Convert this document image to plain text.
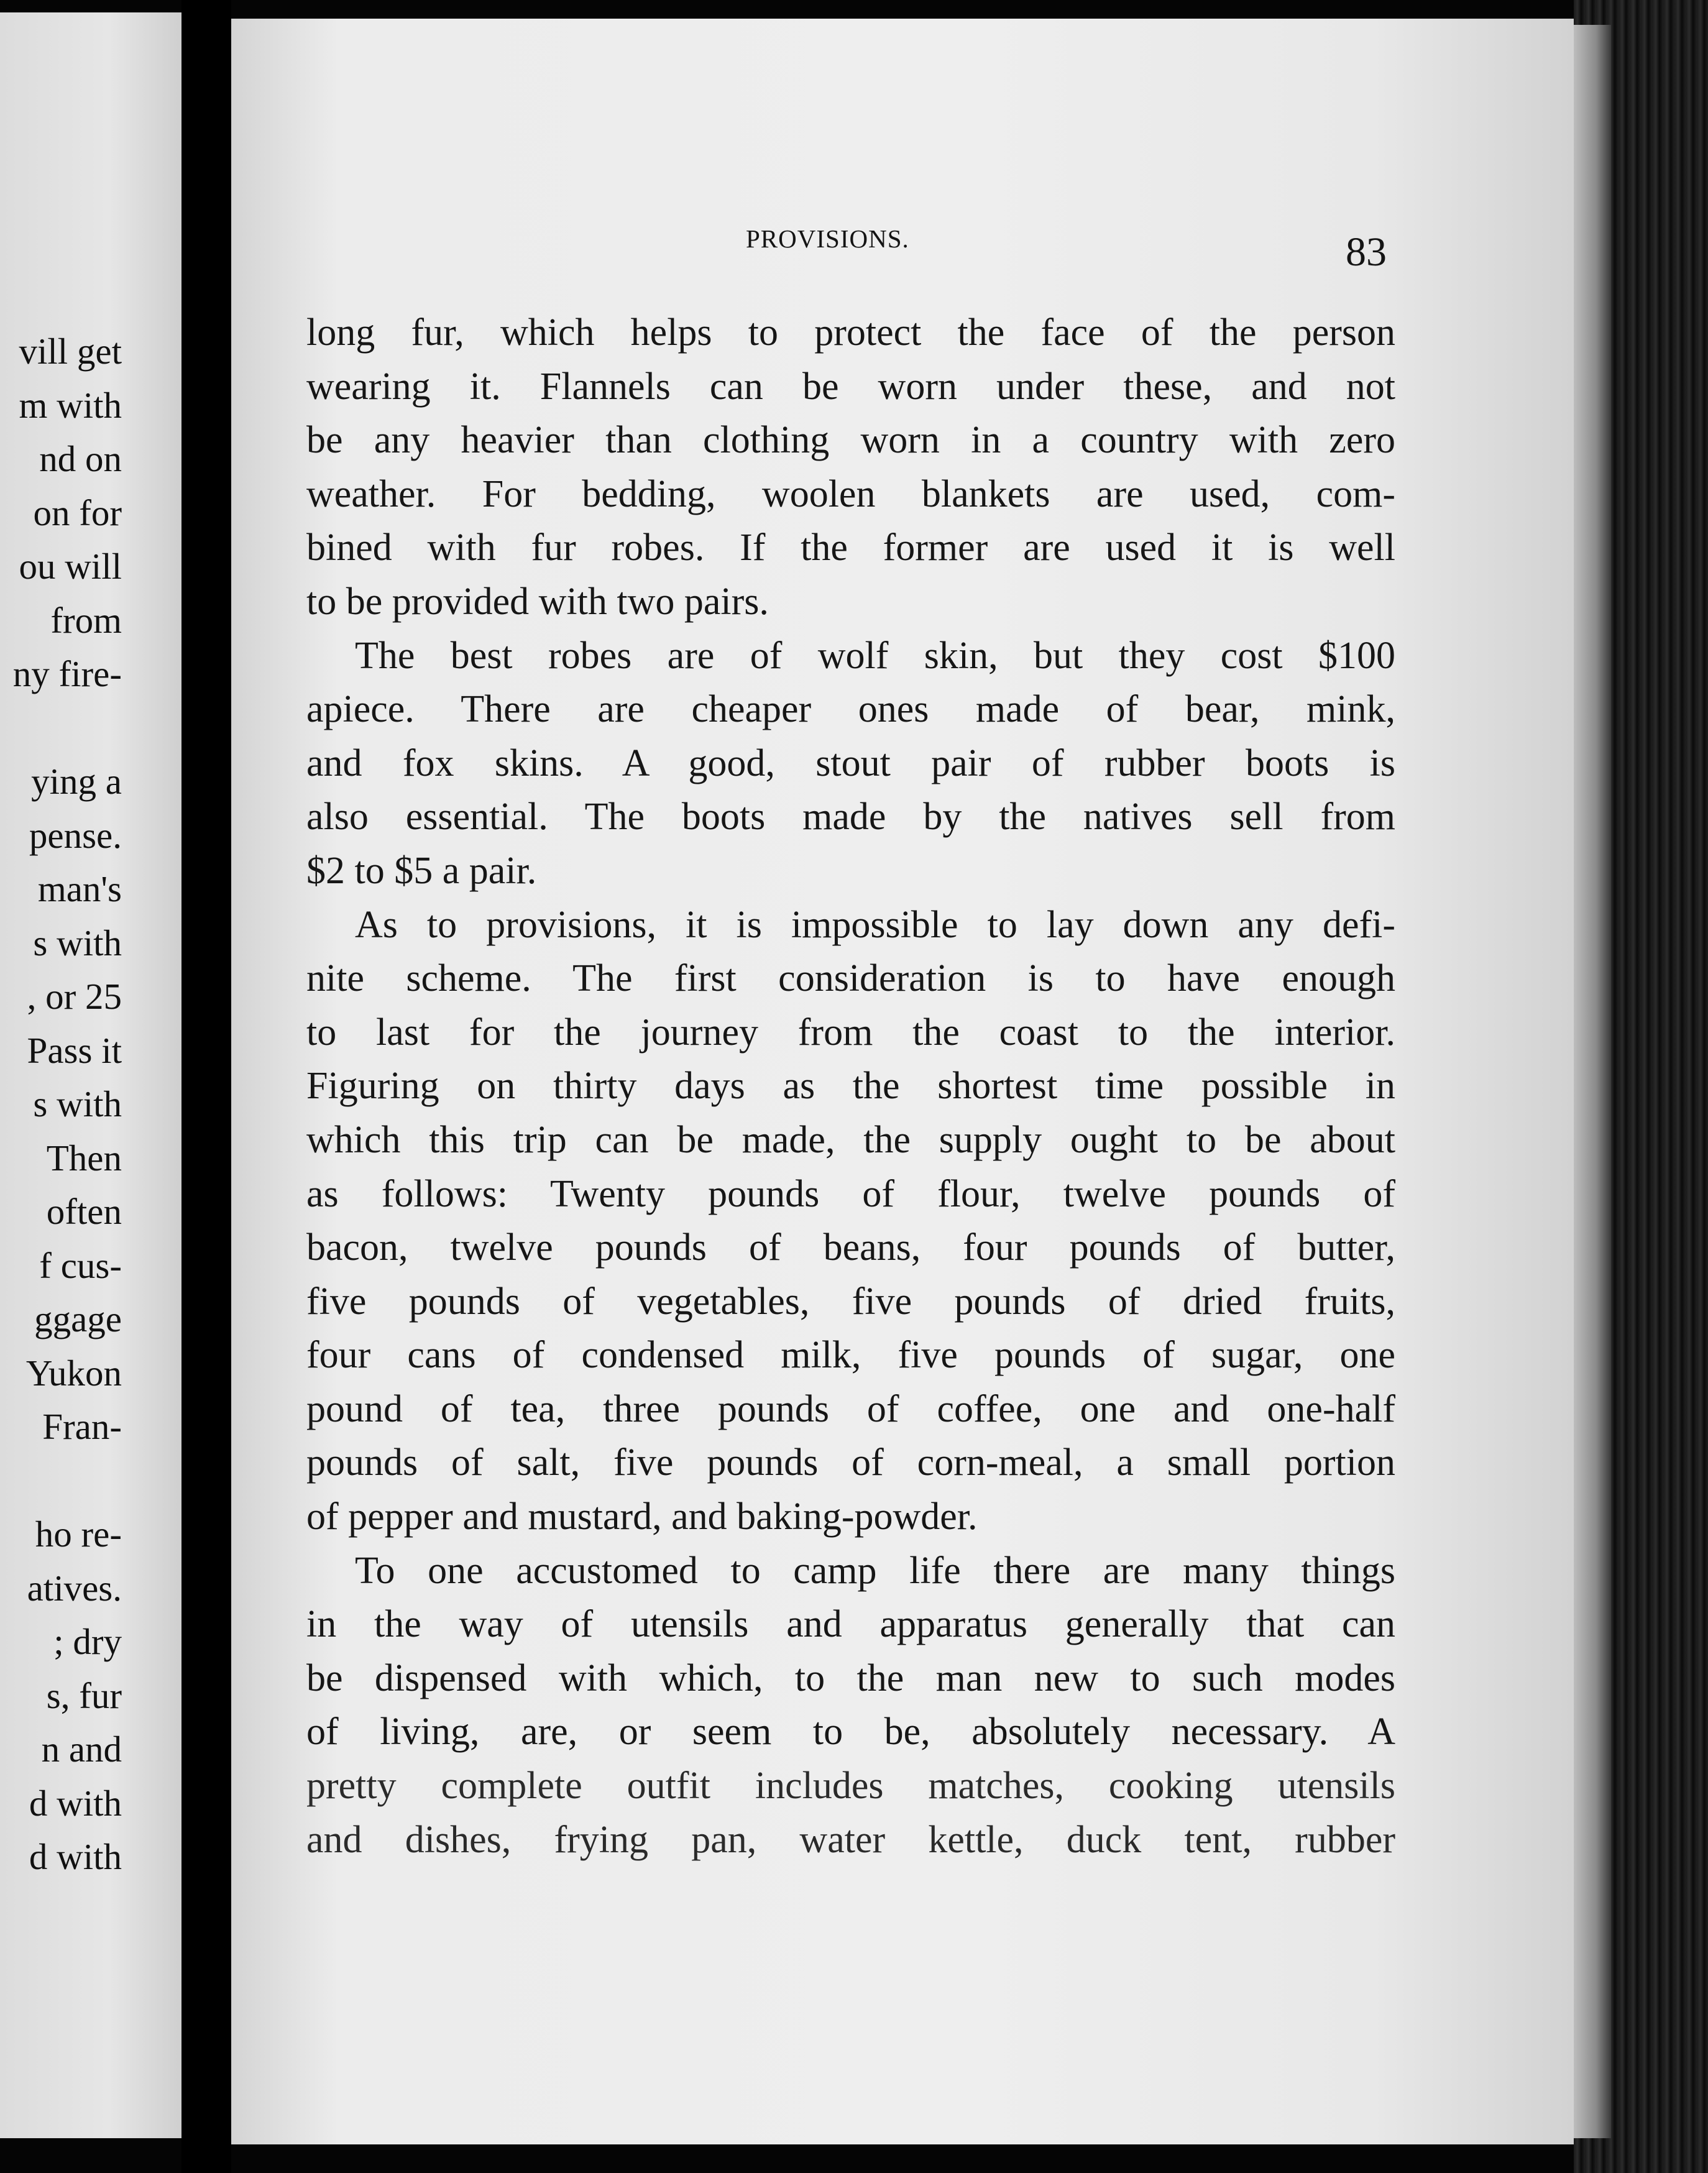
vill get
m with
nd on
on for
ou will
from
ny fire-
ying a
pense.
man's
s with
, or 25
Pass it
s with
Then
often
f cus-
ggage
Yukon
Fran-
ho re-
atives.
; dry
s, fur
n and
d with
d with
PROVISIONS.	83
long fur, which helps to protect the face of the person
wearing it. Flannels can be worn under these, and not
be any heavier than clothing worn in a country with zero
weather. For bedding, woolen blankets are used, com-
bined with fur robes. If the former are used it is well
to be provided with two pairs.
The best robes are of wolf skin, but they cost $100
apiece. There are cheaper ones made of bear, mink,
and fox skins. A good, stout pair of rubber boots is
also essential. The boots made by the natives sell from
$2 to $5 a pair.
As to provisions, it is impossible to lay down any defi-
nite scheme. The first consideration is to have enough
to last for the journey from the coast to the interior.
Figuring on thirty days as the shortest time possible in
which this trip can be made, the supply ought to be about
as follows: Twenty pounds of flour, twelve pounds of
bacon, twelve pounds of beans, four pounds of butter,
five pounds of vegetables, five pounds of dried fruits,
four cans of condensed milk, five pounds of sugar, one
pound of tea, three pounds of coffee, one and one-half
pounds of salt, five pounds of corn-meal, a small portion
of pepper and mustard, and baking-powder.
To one accustomed to camp life there are many things
in the way of utensils and apparatus generally that can
be dispensed with which, to the man new to such modes
of living, are, or seem to be, absolutely necessary. A
pretty complete outfit includes matches, cooking utensils
and dishes, frying pan, water kettle, duck tent, rubber
